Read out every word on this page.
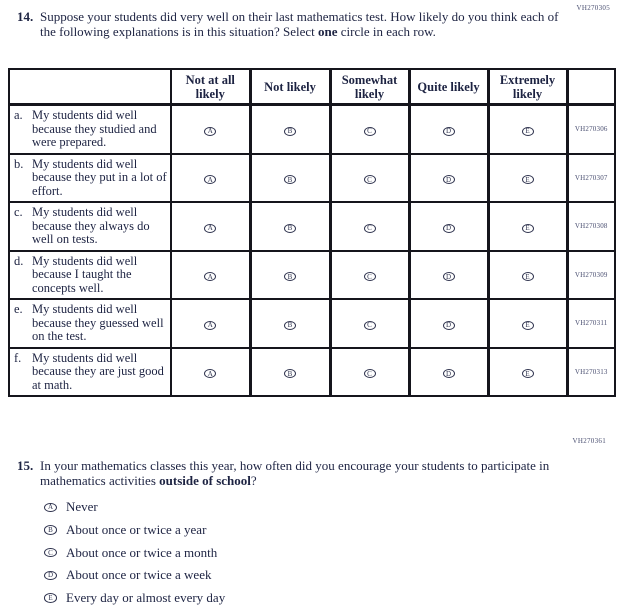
VH270305
14. Suppose your students did very well on their last mathematics test. How likely do you think each of the following explanations is in this situation? Select one circle in each row.
	Not at all likely	Not likely	Somewhat likely	Quite likely	Extremely likely	

a. My students did well because they studied and were prepared.	A	B	C	D	E	VH270306

b. My students did well because they put in a lot of effort.	A	B	C	D	E	VH270307

c. My students did well because they always do well on tests.	A	B	C	D	E	VH270308

d. My students did well because I taught the concepts well.	A	B	C	D	E	VH270309

e. My students did well because they guessed well on the test.	A	B	C	D	E	VH270311

f. My students did well because they are just good at math.	A	B	C	D	E	VH270313
VH270361
15. In your mathematics classes this year, how often did you encourage your students to participate in mathematics activities outside of school?
A Never
B	About once or twice a year
C	About once or twice a month
D About once or twice a week
E	Every day or almost every day
